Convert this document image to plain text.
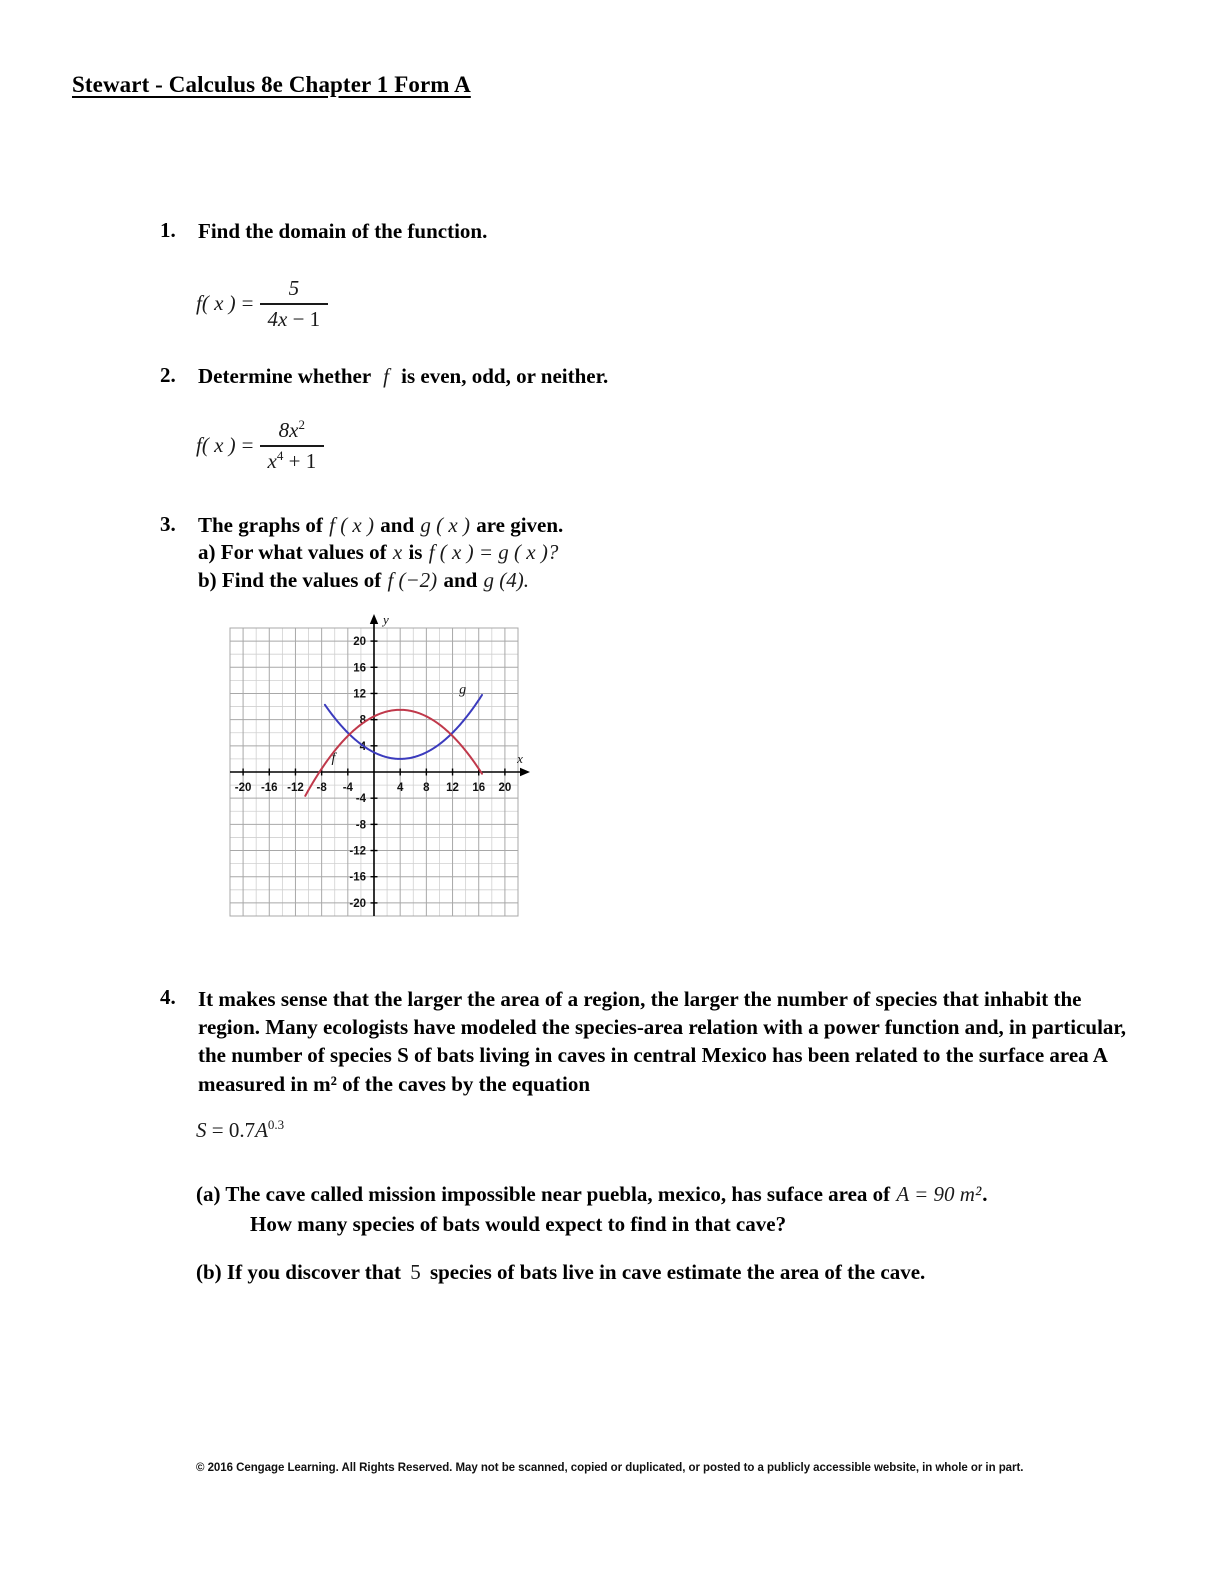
Stewart - Calculus 8e Chapter 1 Form A
1.	Find the domain of the function.
f( x ) = $\frac{5}{4x - 1}$
2.	Determine whether f is even, odd, or neither.
f( x ) = $\frac{8x^2}{x^4 + 1}$
3.	The graphs of f ( x ) and g ( x ) are given.
a) For what values of x is f ( x ) = g ( x )?
b) Find the values of f (−2) and g (4).
-20 -16 -12 -8 -4	4 8 12 16 20
20
16
12
8
4
-4
-8
-12
-16
-20
x
y
g
f
4.	It makes sense that the larger the area of a region, the larger the number of species that inhabit the region. Many ecologists have modeled the species-area relation with a power function and, in particular, the number of species S of bats living in caves in central Mexico has been related to the surface area A measured in m² of the caves by the equation
$S = 0.7A^{0.3}$
(a) The cave called mission impossible near puebla, mexico, has suface area of A = 90 m².
How many species of bats would expect to find in that cave?
(b) If you discover that 5 species of bats live in cave estimate the area of the cave.
© 2016 Cengage Learning. All Rights Reserved. May not be scanned, copied or duplicated, or posted to a publicly accessible website, in whole or in part.
